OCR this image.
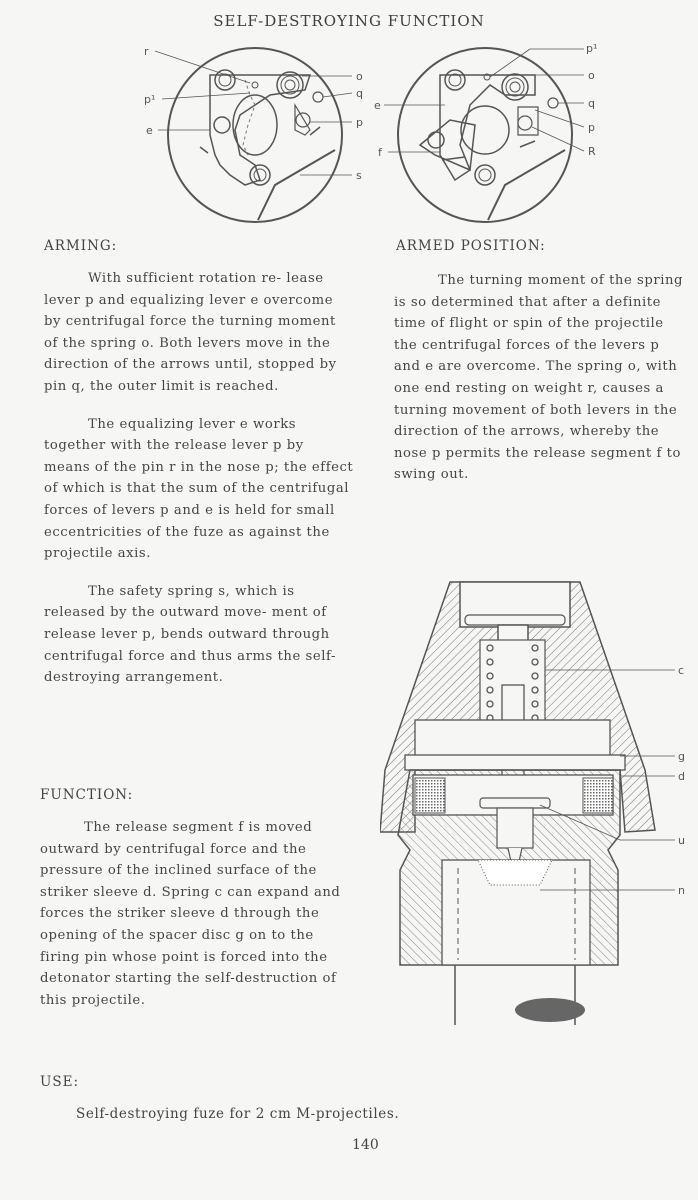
SELF-DESTROYING FUNCTION
r
p¹
e
o
q
p
s
e
f
p¹
o
q
p
R
ARMING:

With sufficient rotation re- lease lever p and equalizing lever e overcome by centrifugal force the turning moment of the spring o. Both levers move in the direction of the arrows until, stopped by pin q, the outer limit is reached.

The equalizing lever e works together with the release lever p by means of the pin r in the nose p; the effect of which is that the sum of the centrifugal forces of levers p and e is held for small eccentricities of the fuze as against the projectile axis.

The safety spring s, which is released by the outward move- ment of release lever p, bends outward through centrifugal force and thus arms the self-destroying arrangement.

ARMED POSITION:

The turning moment of the spring is so determined that after a definite time of flight or spin of the projectile the centrifugal forces of the levers p and e are overcome. The spring o, with one end resting on weight r, causes a turning movement of both levers in the direction of the arrows, whereby the nose p permits the release segment f to swing out.

FUNCTION:

The release segment f is moved outward by centrifugal force and the pressure of the inclined surface of the striker sleeve d. Spring c can expand and forces the striker sleeve d through the opening of the spacer disc g on to the firing pin whose point is forced into the detonator starting the self-destruction of this projectile.

c
g
d
u
n
USE:
Self-destroying fuze for 2 cm M-projectiles.
140
